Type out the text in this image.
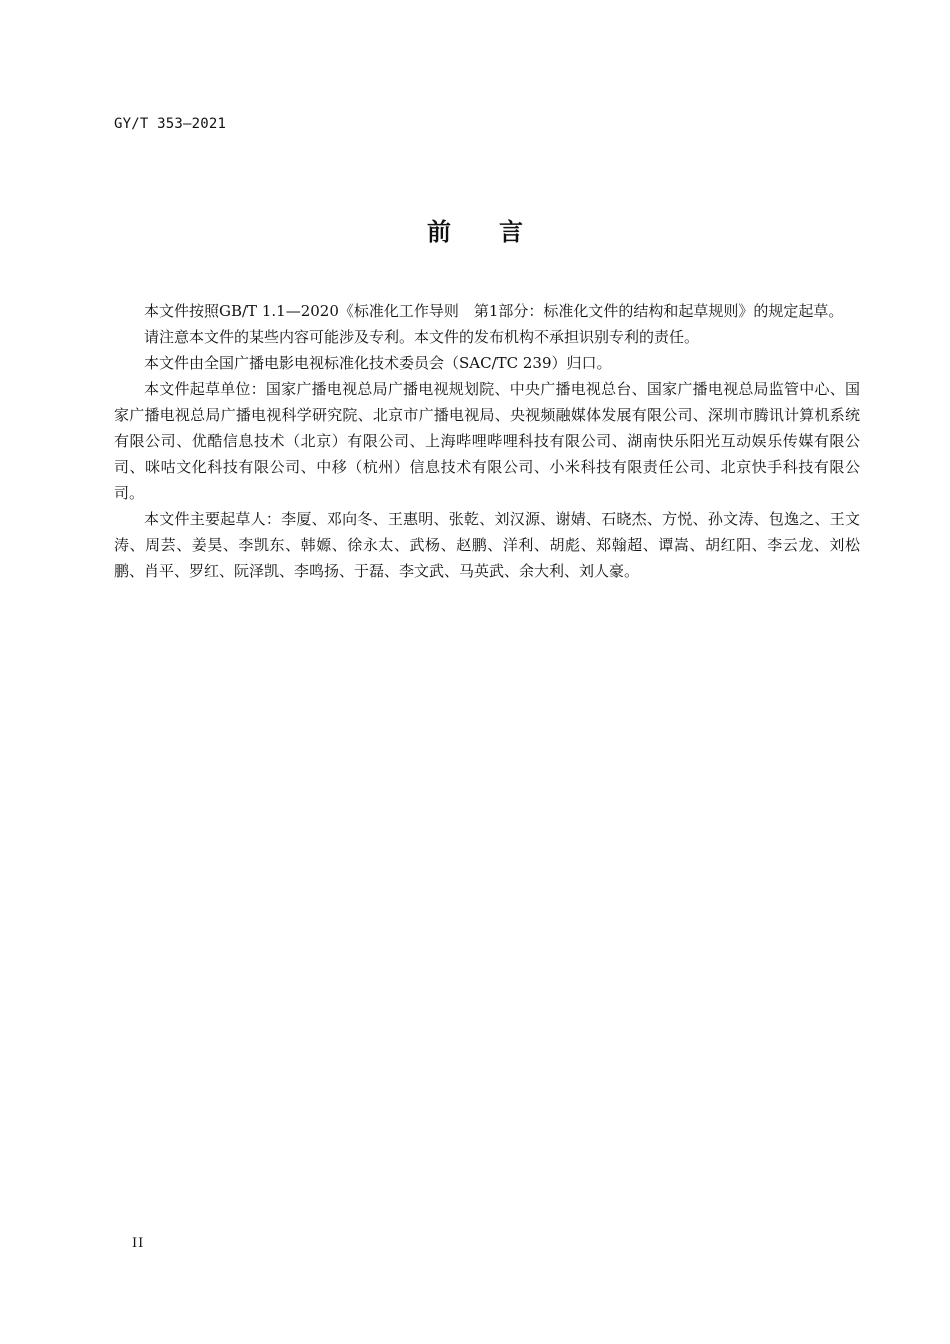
GY/T 353—2021
前言

本文件按照GB/T 1.1—2020《标准化工作导则　第1部分：标准化文件的结构和起草规则》的规定起草。

请注意本文件的某些内容可能涉及专利。本文件的发布机构不承担识别专利的责任。

本文件由全国广播电影电视标准化技术委员会（SAC/TC 239）归口。

本文件起草单位：国家广播电视总局广播电视规划院、中央广播电视总台、国家广播电视总局监管中心、国家广播电视总局广播电视科学研究院、北京市广播电视局、央视频融媒体发展有限公司、深圳市腾讯计算机系统有限公司、优酷信息技术（北京）有限公司、上海哔哩哔哩科技有限公司、湖南快乐阳光互动娱乐传媒有限公司、咪咕文化科技有限公司、中移（杭州）信息技术有限公司、小米科技有限责任公司、北京快手科技有限公司。

本文件主要起草人：李厦、邓向冬、王惠明、张乾、刘汉源、谢婧、石晓杰、方悦、孙文涛、包逸之、王文涛、周芸、姜昊、李凯东、韩嫄、徐永太、武杨、赵鹏、洋利、胡彪、郑翰超、谭嵩、胡红阳、李云龙、刘松鹏、肖平、罗红、阮泽凯、李鸣扬、于磊、李文武、马英武、余大利、刘人豪。

II
